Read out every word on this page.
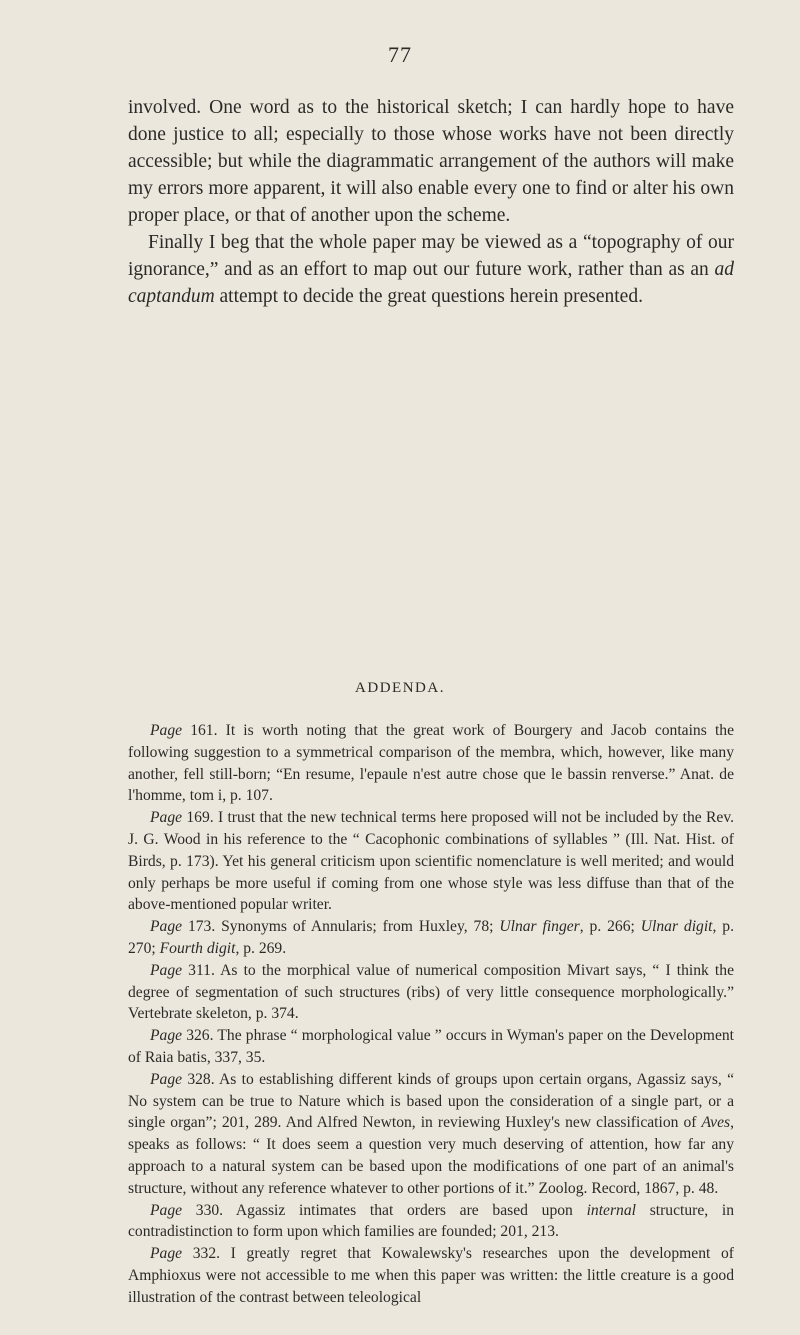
77

involved. One word as to the historical sketch; I can hardly hope to have done justice to all; especially to those whose works have not been directly accessible; but while the diagrammatic arrangement of the authors will make my errors more apparent, it will also enable every one to find or alter his own proper place, or that of another upon the scheme.

Finally I beg that the whole paper may be viewed as a “topography of our ignorance,” and as an effort to map out our future work, rather than as an ad captandum attempt to decide the great questions herein presented.

ADDENDA.

Page 161. It is worth noting that the great work of Bourgery and Jacob contains the following suggestion to a symmetrical comparison of the membra, which, however, like many another, fell still-born; “En resume, l'epaule n'est autre chose que le bassin renverse.” Anat. de l'homme, tom i, p. 107.

Page 169. I trust that the new technical terms here proposed will not be included by the Rev. J. G. Wood in his reference to the “ Cacophonic combinations of syllables ” (Ill. Nat. Hist. of Birds, p. 173). Yet his general criticism upon scientific nomenclature is well merited; and would only perhaps be more useful if coming from one whose style was less diffuse than that of the above-mentioned popular writer.

Page 173. Synonyms of Annularis; from Huxley, 78; Ulnar finger, p. 266; Ulnar digit, p. 270; Fourth digit, p. 269.

Page 311. As to the morphical value of numerical composition Mivart says, “ I think the degree of segmentation of such structures (ribs) of very little consequence morphologically.” Vertebrate skeleton, p. 374.

Page 326. The phrase “ morphological value ” occurs in Wyman's paper on the Development of Raia batis, 337, 35.

Page 328. As to establishing different kinds of groups upon certain organs, Agassiz says, “ No system can be true to Nature which is based upon the consideration of a single part, or a single organ”; 201, 289. And Alfred Newton, in reviewing Huxley's new classification of Aves, speaks as follows: “ It does seem a question very much deserving of attention, how far any approach to a natural system can be based upon the modifications of one part of an animal's structure, without any reference whatever to other portions of it.” Zoolog. Record, 1867, p. 48.

Page 330. Agassiz intimates that orders are based upon internal structure, in contradistinction to form upon which families are founded; 201, 213.

Page 332. I greatly regret that Kowalewsky's researches upon the development of Amphioxus were not accessible to me when this paper was written: the little creature is a good illustration of the contrast between teleological
